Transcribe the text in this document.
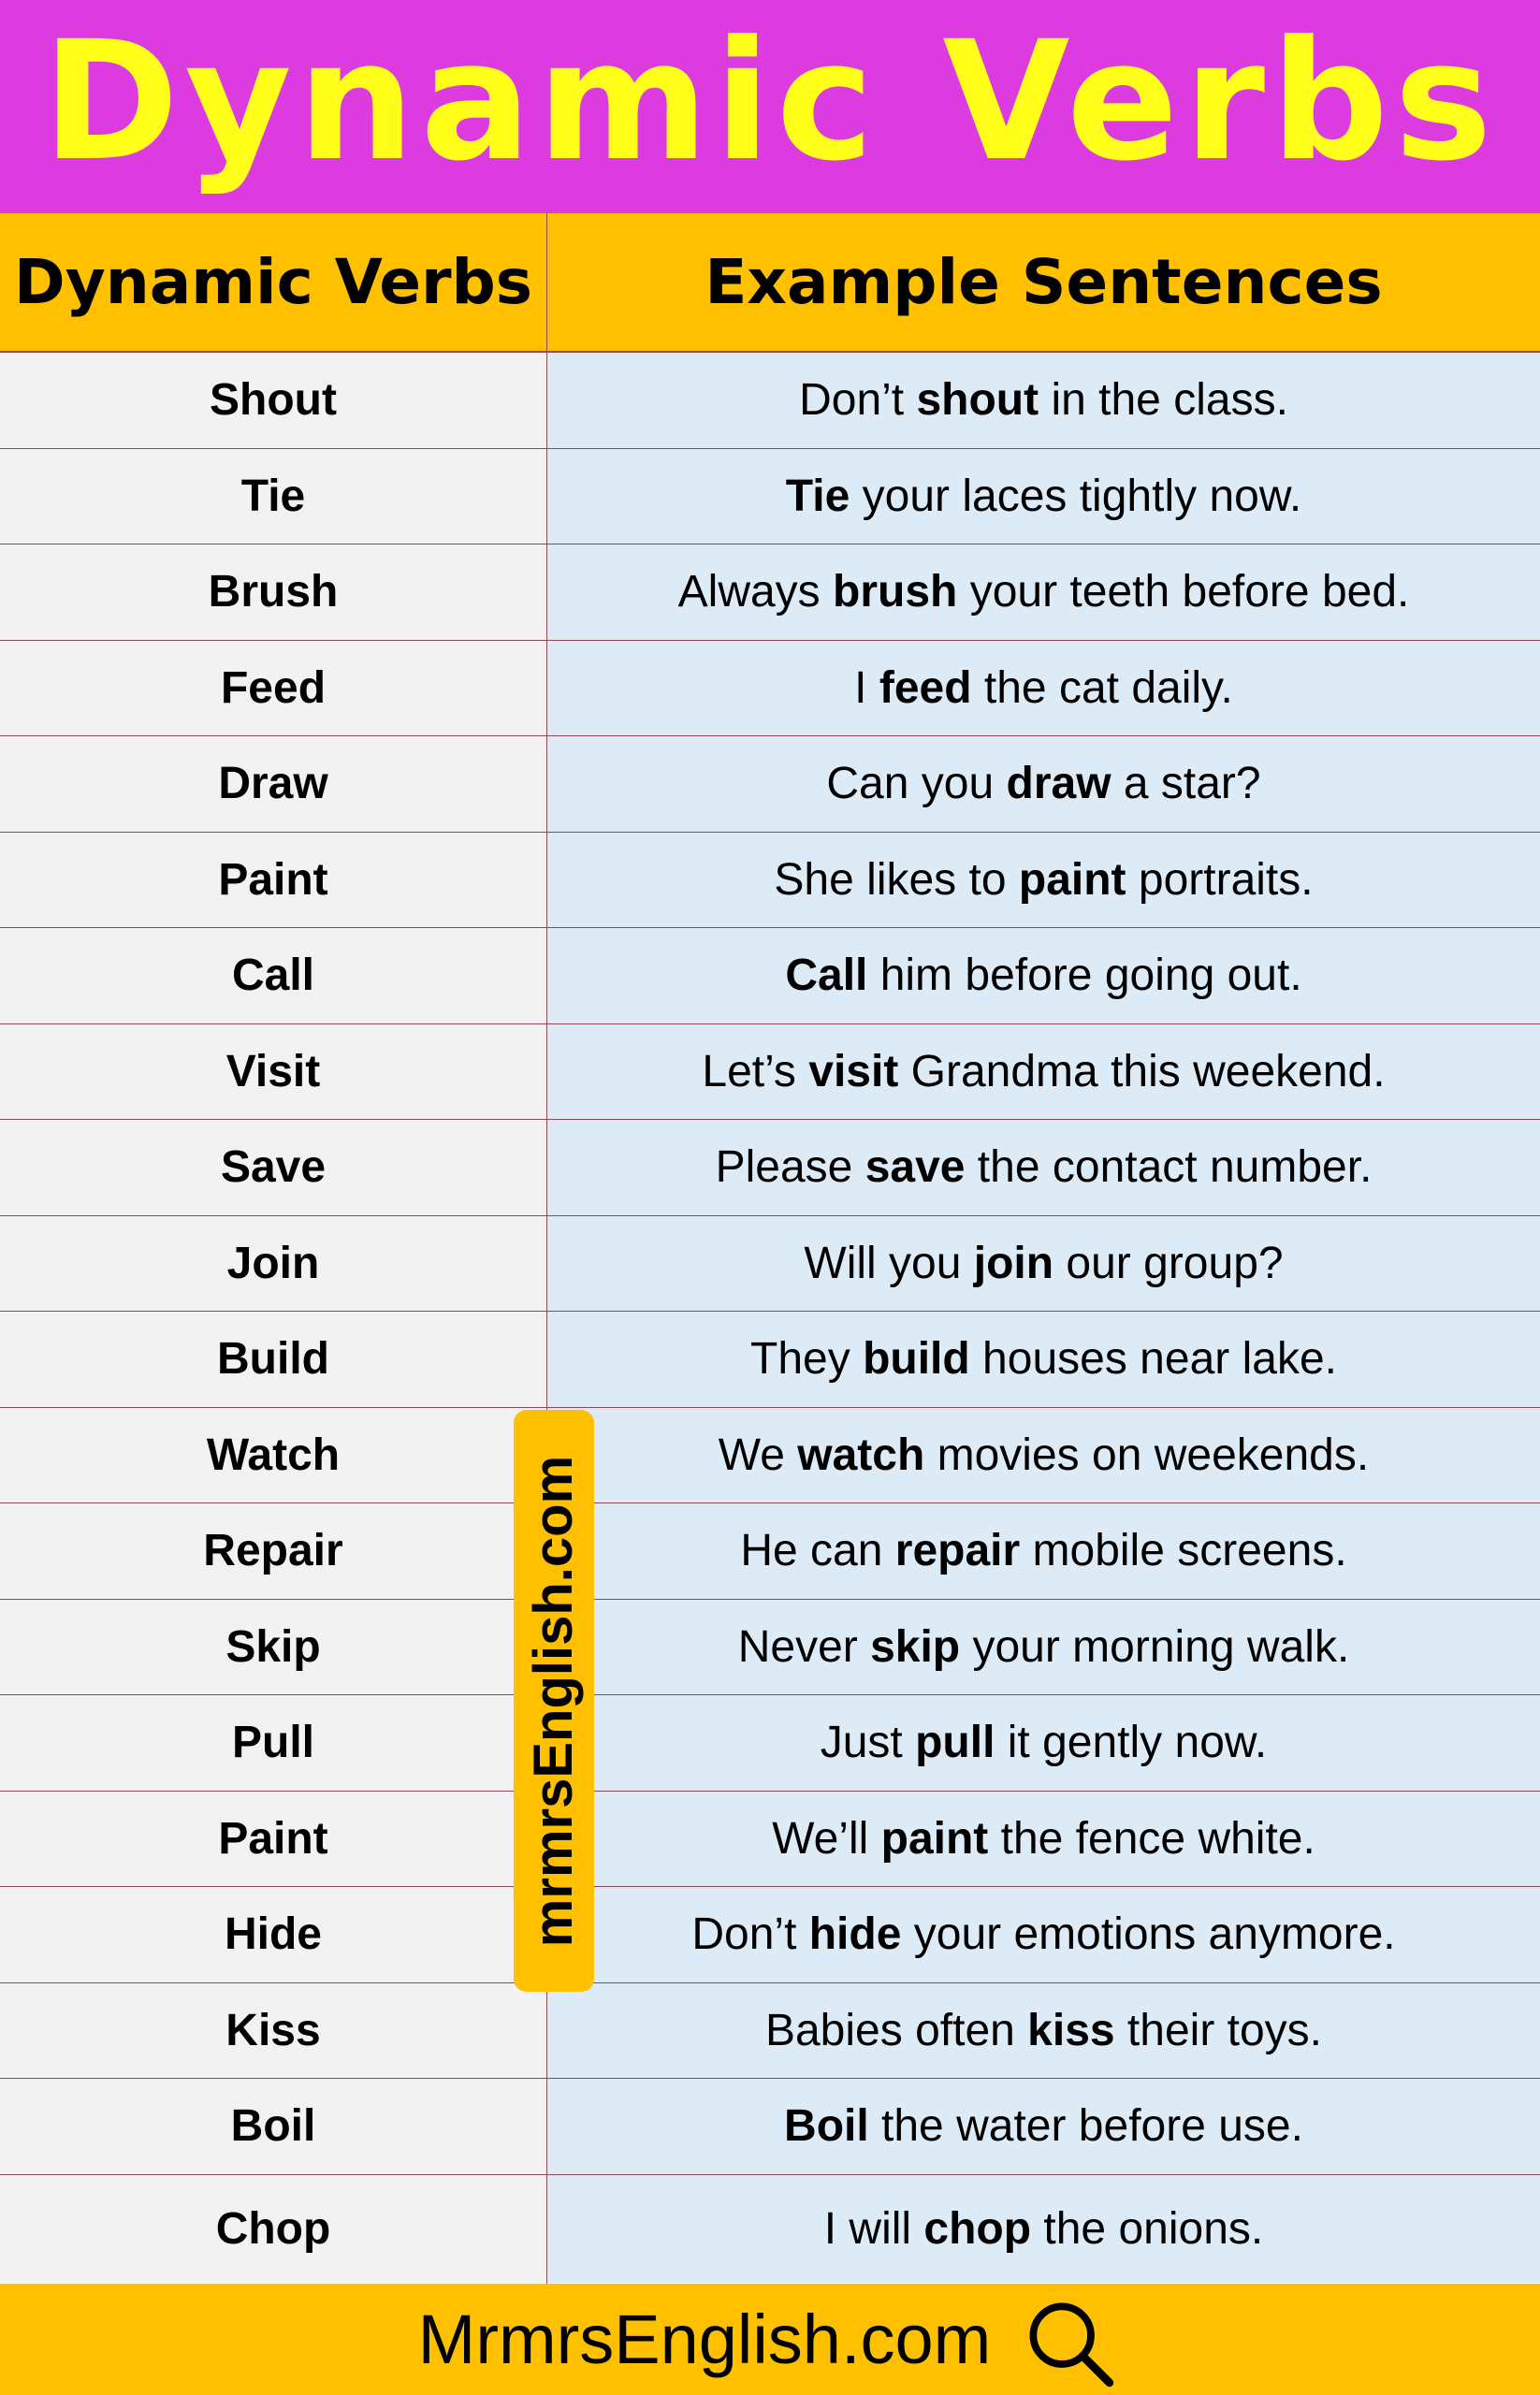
Dynamic Verbs
Dynamic Verbs	Example Sentences
Shout	Don’t shout in the class.
Tie	Tie your laces tightly now.
Brush	Always brush your teeth before bed.
Feed	I feed the cat daily.
Draw	Can you draw a star?
Paint	She likes to paint portraits.
Call	Call him before going out.
Visit	Let’s visit Grandma this weekend.
Save	Please save the contact number.
Join	Will you join our group?
Build	They build houses near lake.
Watch	We watch movies on weekends.
Repair	He can repair mobile screens.
Skip	Never skip your morning walk.
Pull	Just pull it gently now.
Paint	We’ll paint the fence white.
Hide	Don’t hide your emotions anymore.
Kiss	Babies often kiss their toys.
Boil	Boil the water before use.
Chop	I will chop the onions.
mrmrsEnglish.com
MrmrsEnglish.com
